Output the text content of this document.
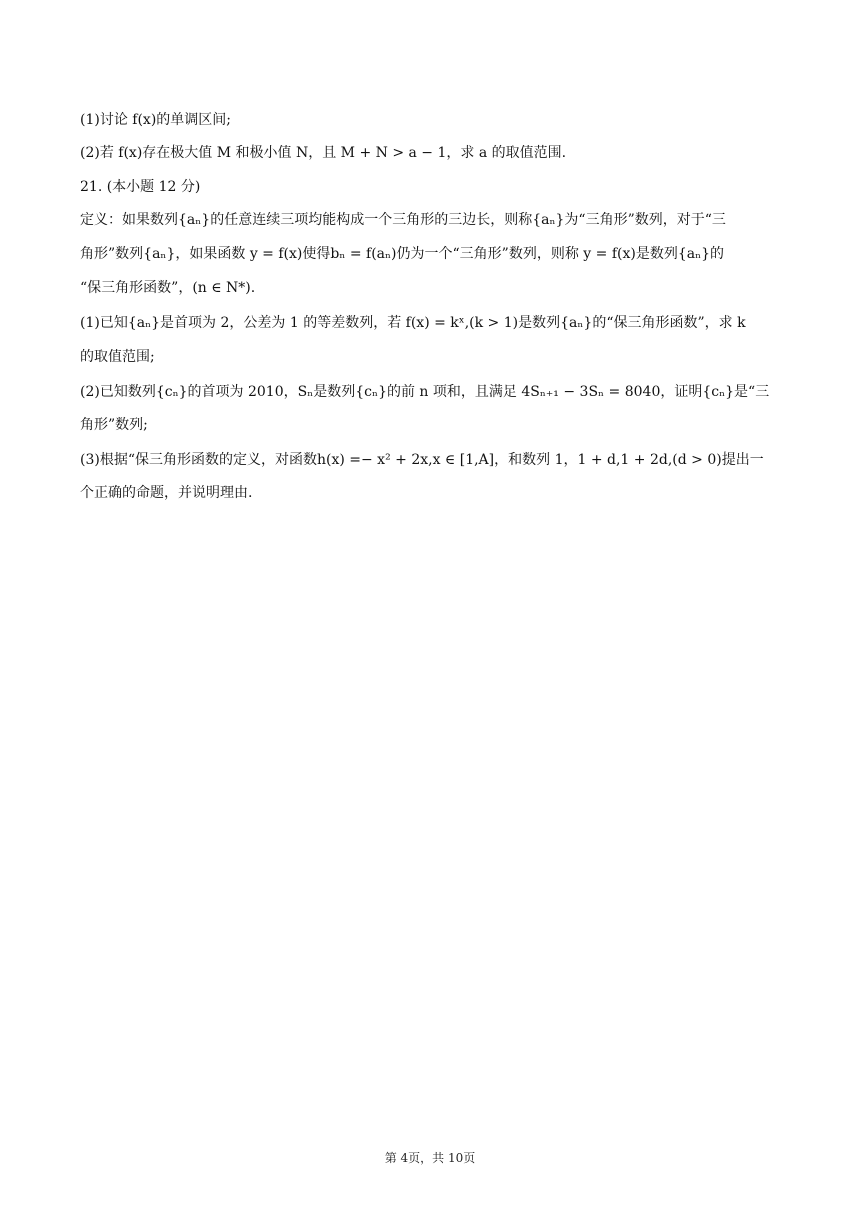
(1)讨论 f(x)的单调区间;
(2)若 f(x)存在极大值 M 和极小值 N，且 M + N > a − 1，求 a 的取值范围.
21. (本小题 12 分)
定义：如果数列{aₙ}的任意连续三项均能构成一个三角形的三边长，则称{aₙ}为“三角形”数列，对于“三
角形”数列{aₙ}，如果函数 y = f(x)使得bₙ = f(aₙ)仍为一个“三角形”数列，则称 y = f(x)是数列{aₙ}的
“保三角形函数”，(n ∈ N*).
(1)已知{aₙ}是首项为 2，公差为 1 的等差数列，若 f(x) = kˣ,(k > 1)是数列{aₙ}的“保三角形函数”，求 k
的取值范围;
(2)已知数列{cₙ}的首项为 2010，Sₙ是数列{cₙ}的前 n 项和，且满足 4Sₙ₊₁ − 3Sₙ = 8040，证明{cₙ}是“三
角形”数列;
(3)根据“保三角形函数的定义，对函数h(x) =− x² + 2x,x ∈ [1,A]，和数列 1，1 + d,1 + 2d,(d > 0)提出一
个正确的命题，并说明理由.
第 4页，共 10页
